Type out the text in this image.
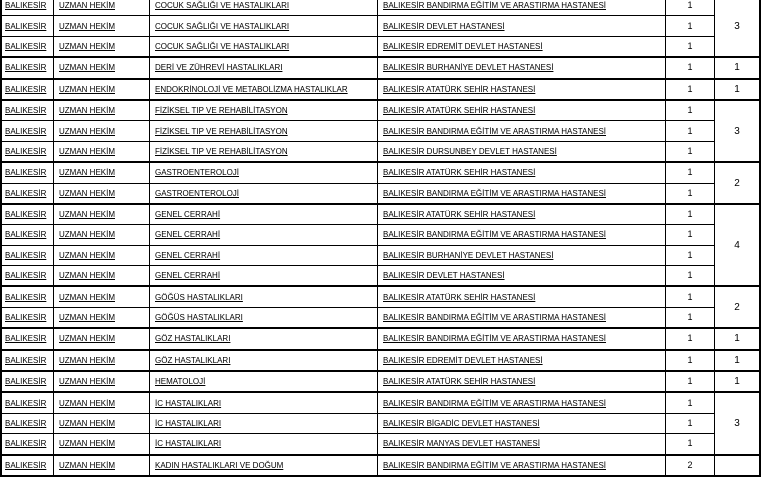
BALIKESİR	UZMAN HEKİM	COCUK SAĞLIĞI VE HASTALIKLARI	BALIKESİR BANDIRMA EĞİTİM VE ARASTIRMA HASTANESİ	1	3
BALIKESİR	UZMAN HEKİM	COCUK SAĞLIĞI VE HASTALIKLARI	BALIKESİR DEVLET HASTANESİ	1	
BALIKESİR	UZMAN HEKİM	COCUK SAĞLIĞI VE HASTALIKLARI	BALIKESİR EDREMİT DEVLET HASTANESİ	1	
BALIKESİR	UZMAN HEKİM	DERİ VE ZÜHREVİ HASTALIKLARI	BALIKESİR BURHANİYE DEVLET HASTANESİ	1	1
BALIKESİR	UZMAN HEKİM	ENDOKRİNOLOJİ VE METABOLİZMA HASTALIKLAR	BALIKESİR ATATÜRK SEHİR HASTANESİ	1	1
BALIKESİR	UZMAN HEKİM	FİZİKSEL TIP VE REHABİLİTASYON	BALIKESİR ATATÜRK SEHİR HASTANESİ	1	3
BALIKESİR	UZMAN HEKİM	FİZİKSEL TIP VE REHABİLİTASYON	BALIKESİR BANDIRMA EĞİTİM VE ARASTIRMA HASTANESİ	1	
BALIKESİR	UZMAN HEKİM	FİZİKSEL TIP VE REHABİLİTASYON	BALIKESİR DURSUNBEY DEVLET HASTANESİ	1	
BALIKESİR	UZMAN HEKİM	GASTROENTEROLOJİ	BALIKESİR ATATÜRK SEHİR HASTANESİ	1	2
BALIKESİR	UZMAN HEKİM	GASTROENTEROLOJİ	BALIKESİR BANDIRMA EĞİTİM VE ARASTIRMA HASTANESİ	1	
BALIKESİR	UZMAN HEKİM	GENEL CERRAHİ	BALIKESİR ATATÜRK SEHİR HASTANESİ	1	4
BALIKESİR	UZMAN HEKİM	GENEL CERRAHİ	BALIKESİR BANDIRMA EĞİTİM VE ARASTIRMA HASTANESİ	1	
BALIKESİR	UZMAN HEKİM	GENEL CERRAHİ	BALIKESİR BURHANİYE DEVLET HASTANESİ	1	
BALIKESİR	UZMAN HEKİM	GENEL CERRAHİ	BALIKESİR DEVLET HASTANESİ	1	
BALIKESİR	UZMAN HEKİM	GÖĞÜS HASTALIKLARI	BALIKESİR ATATÜRK SEHİR HASTANESİ	1	2
BALIKESİR	UZMAN HEKİM	GÖĞÜS HASTALIKLARI	BALIKESİR BANDIRMA EĞİTİM VE ARASTIRMA HASTANESİ	1	
BALIKESİR	UZMAN HEKİM	GÖZ HASTALIKLARI	BALIKESİR BANDIRMA EĞİTİM VE ARASTIRMA HASTANESİ	1	1
BALIKESİR	UZMAN HEKİM	GÖZ HASTALIKLARI	BALIKESİR EDREMİT DEVLET HASTANESİ	1	1
BALIKESİR	UZMAN HEKİM	HEMATOLOJİ	BALIKESİR ATATÜRK SEHİR HASTANESİ	1	1
BALIKESİR	UZMAN HEKİM	İC HASTALIKLARI	BALIKESİR BANDIRMA EĞİTİM VE ARASTIRMA HASTANESİ	1	3
BALIKESİR	UZMAN HEKİM	İC HASTALIKLARI	BALIKESİR BİGADİC DEVLET HASTANESİ	1	
BALIKESİR	UZMAN HEKİM	İC HASTALIKLARI	BALIKESİR MANYAS DEVLET HASTANESİ	1	
BALIKESİR	UZMAN HEKİM	KADIN HASTALIKLARI VE DOĞUM	BALIKESİR BANDIRMA EĞİTİM VE ARASTIRMA HASTANESİ	2	
